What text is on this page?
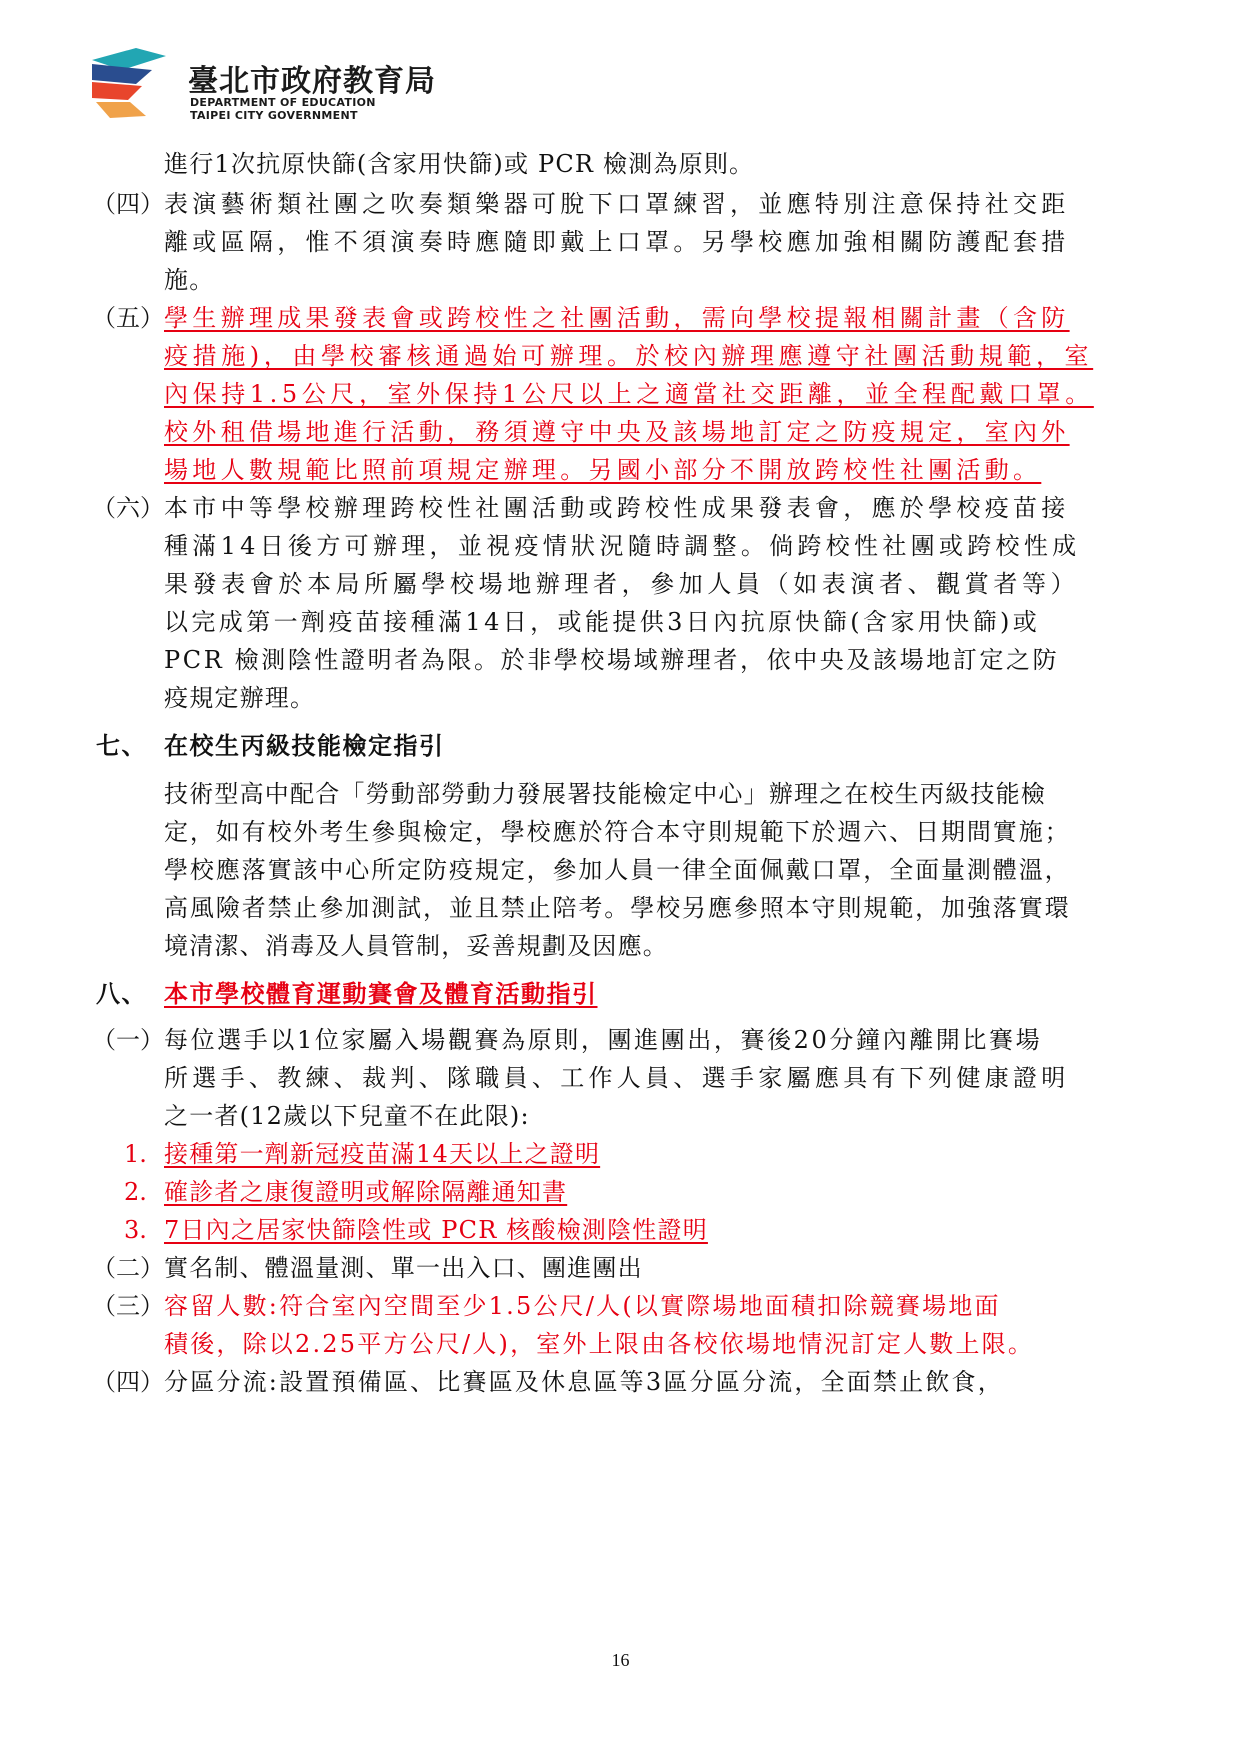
臺北市政府教育局
DEPARTMENT OF EDUCATION
TAIPEI CITY GOVERNMENT
進行1次抗原快篩(含家用快篩)或 PCR 檢測為原則。
（四） 表演藝術類社團之吹奏類樂器可脫下口罩練習，並應特別注意保持社交距
離或區隔，惟不須演奏時應隨即戴上口罩。另學校應加強相關防護配套措
施。
（五） 學生辦理成果發表會或跨校性之社團活動，需向學校提報相關計畫（含防
疫措施)，由學校審核通過始可辦理。於校內辦理應遵守社團活動規範，室
內保持1.5公尺，室外保持1公尺以上之適當社交距離，並全程配戴口罩。
校外租借場地進行活動，務須遵守中央及該場地訂定之防疫規定，室內外
場地人數規範比照前項規定辦理。另國小部分不開放跨校性社團活動。
（六） 本市中等學校辦理跨校性社團活動或跨校性成果發表會，應於學校疫苗接
種滿14日後方可辦理，並視疫情狀況隨時調整。倘跨校性社團或跨校性成
果發表會於本局所屬學校場地辦理者，參加人員（如表演者、觀賞者等）
以完成第一劑疫苗接種滿14日，或能提供3日內抗原快篩(含家用快篩)或
PCR 檢測陰性證明者為限。於非學校場域辦理者，依中央及該場地訂定之防
疫規定辦理。
七、 在校生丙級技能檢定指引
技術型高中配合「勞動部勞動力發展署技能檢定中心」辦理之在校生丙級技能檢
定，如有校外考生參與檢定，學校應於符合本守則規範下於週六、日期間實施；
學校應落實該中心所定防疫規定，參加人員一律全面佩戴口罩，全面量測體溫，
高風險者禁止參加測試，並且禁止陪考。學校另應參照本守則規範，加強落實環
境清潔、消毒及人員管制，妥善規劃及因應。
八、 本市學校體育運動賽會及體育活動指引
（一） 每位選手以1位家屬入場觀賽為原則，團進團出，賽後20分鐘內離開比賽場
所選手、教練、裁判、隊職員、工作人員、選手家屬應具有下列健康證明
之一者(12歲以下兒童不在此限):
1. 接種第一劑新冠疫苗滿14天以上之證明
2. 確診者之康復證明或解除隔離通知書
3. 7日內之居家快篩陰性或 PCR 核酸檢測陰性證明
（二） 實名制、體溫量測、單一出入口、團進團出
（三） 容留人數:符合室內空間至少1.5公尺/人(以實際場地面積扣除競賽場地面
積後，除以2.25平方公尺/人)，室外上限由各校依場地情況訂定人數上限。
（四） 分區分流:設置預備區、比賽區及休息區等3區分區分流，全面禁止飲食，
16
